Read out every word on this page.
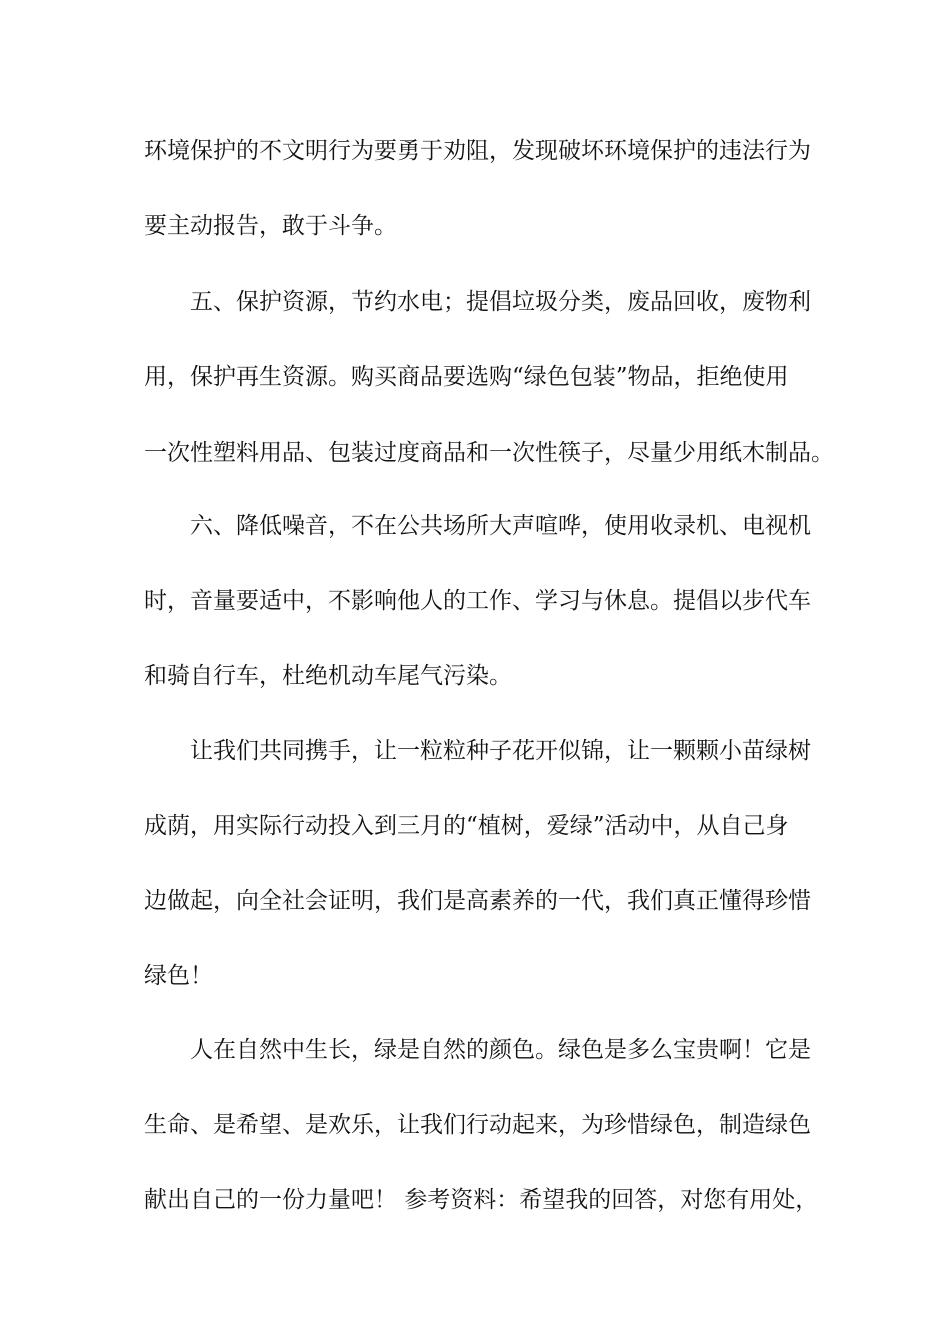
环境保护的不文明行为要勇于劝阻，发现破坏环境保护的违法行为
要主动报告，敢于斗争。
五、保护资源，节约水电；提倡垃圾分类，废品回收，废物利
用，保护再生资源。购买商品要选购“绿色包装”物品，拒绝使用
一次性塑料用品、包装过度商品和一次性筷子，尽量少用纸木制品。
六、降低噪音，不在公共场所大声喧哗，使用收录机、电视机
时，音量要适中，不影响他人的工作、学习与休息。提倡以步代车
和骑自行车，杜绝机动车尾气污染。
让我们共同携手，让一粒粒种子花开似锦，让一颗颗小苗绿树
成荫，用实际行动投入到三月的“植树，爱绿”活动中，从自己身
边做起，向全社会证明，我们是高素养的一代，我们真正懂得珍惜
绿色！
人在自然中生长，绿是自然的颜色。绿色是多么宝贵啊！它是
生命、是希望、是欢乐，让我们行动起来，为珍惜绿色，制造绿色
献出自己的一份力量吧！ 参考资料：希望我的回答，对您有用处，
